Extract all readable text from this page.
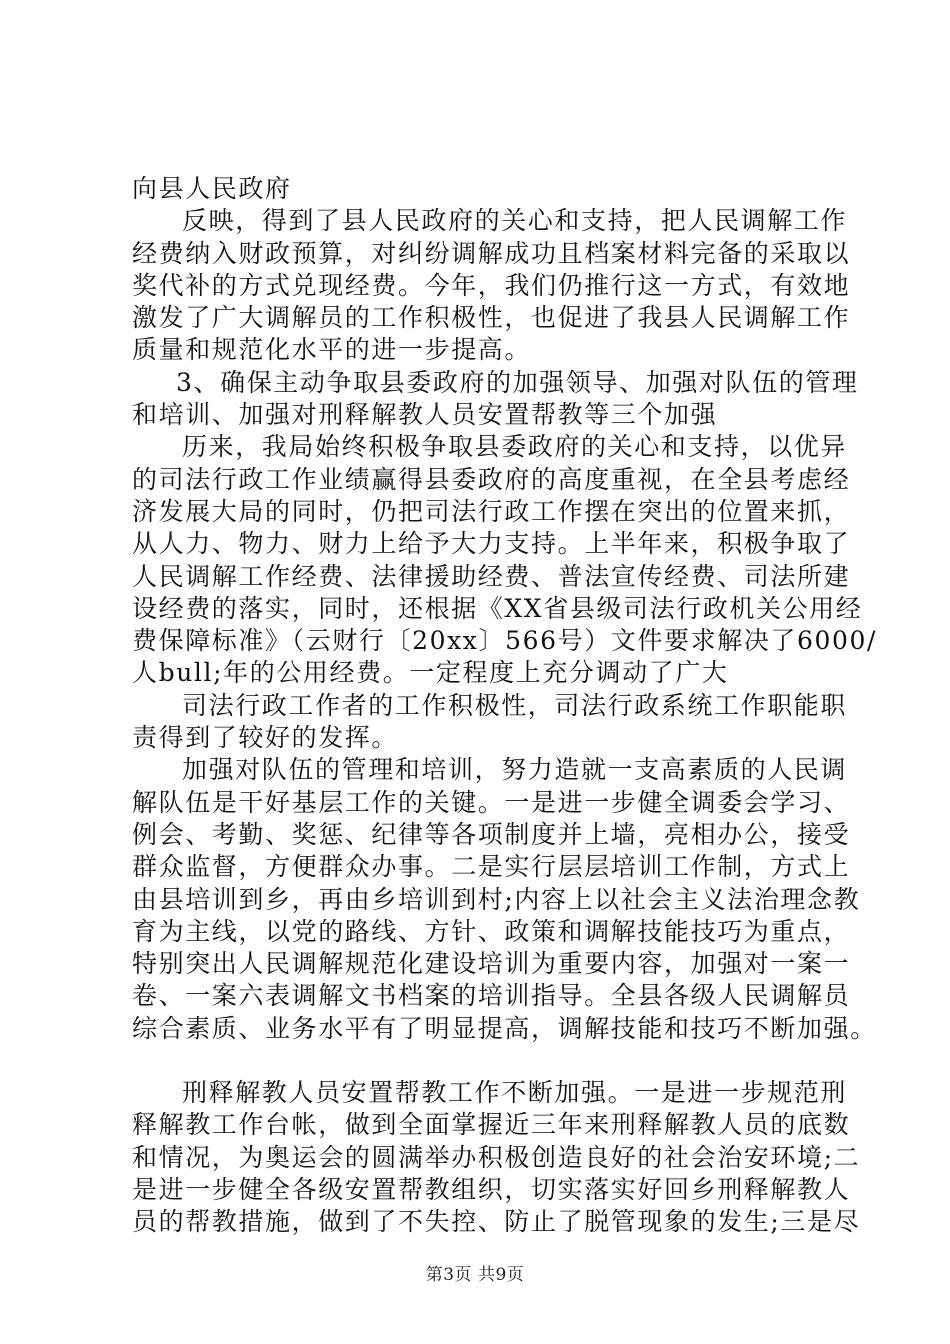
向县人民政府
反映，得到了县人民政府的关心和支持，把人民调解工作
经费纳入财政预算，对纠纷调解成功且档案材料完备的采取以
奖代补的方式兑现经费。今年，我们仍推行这一方式，有效地
激发了广大调解员的工作积极性，也促进了我县人民调解工作
质量和规范化水平的进一步提高。
3、确保主动争取县委政府的加强领导、加强对队伍的管理
和培训、加强对刑释解教人员安置帮教等三个加强
历来，我局始终积极争取县委政府的关心和支持，以优异
的司法行政工作业绩赢得县委政府的高度重视，在全县考虑经
济发展大局的同时，仍把司法行政工作摆在突出的位置来抓，
从人力、物力、财力上给予大力支持。上半年来，积极争取了
人民调解工作经费、法律援助经费、普法宣传经费、司法所建
设经费的落实，同时，还根据《XX省县级司法行政机关公用经
费保障标准》（云财行〔20xx〕566号）文件要求解决了6000/
人bull;年的公用经费。一定程度上充分调动了广大
司法行政工作者的工作积极性，司法行政系统工作职能职
责得到了较好的发挥。
加强对队伍的管理和培训，努力造就一支高素质的人民调
解队伍是干好基层工作的关键。一是进一步健全调委会学习、
例会、考勤、奖惩、纪律等各项制度并上墙，亮相办公，接受
群众监督，方便群众办事。二是实行层层培训工作制，方式上
由县培训到乡，再由乡培训到村;内容上以社会主义法治理念教
育为主线，以党的路线、方针、政策和调解技能技巧为重点，
特别突出人民调解规范化建设培训为重要内容，加强对一案一
卷、一案六表调解文书档案的培训指导。全县各级人民调解员
综合素质、业务水平有了明显提高，调解技能和技巧不断加强。
刑释解教人员安置帮教工作不断加强。一是进一步规范刑
释解教工作台帐，做到全面掌握近三年来刑释解教人员的底数
和情况，为奥运会的圆满举办积极创造良好的社会治安环境;二
是进一步健全各级安置帮教组织，切实落实好回乡刑释解教人
员的帮教措施，做到了不失控、防止了脱管现象的发生;三是尽
第3页 共9页
